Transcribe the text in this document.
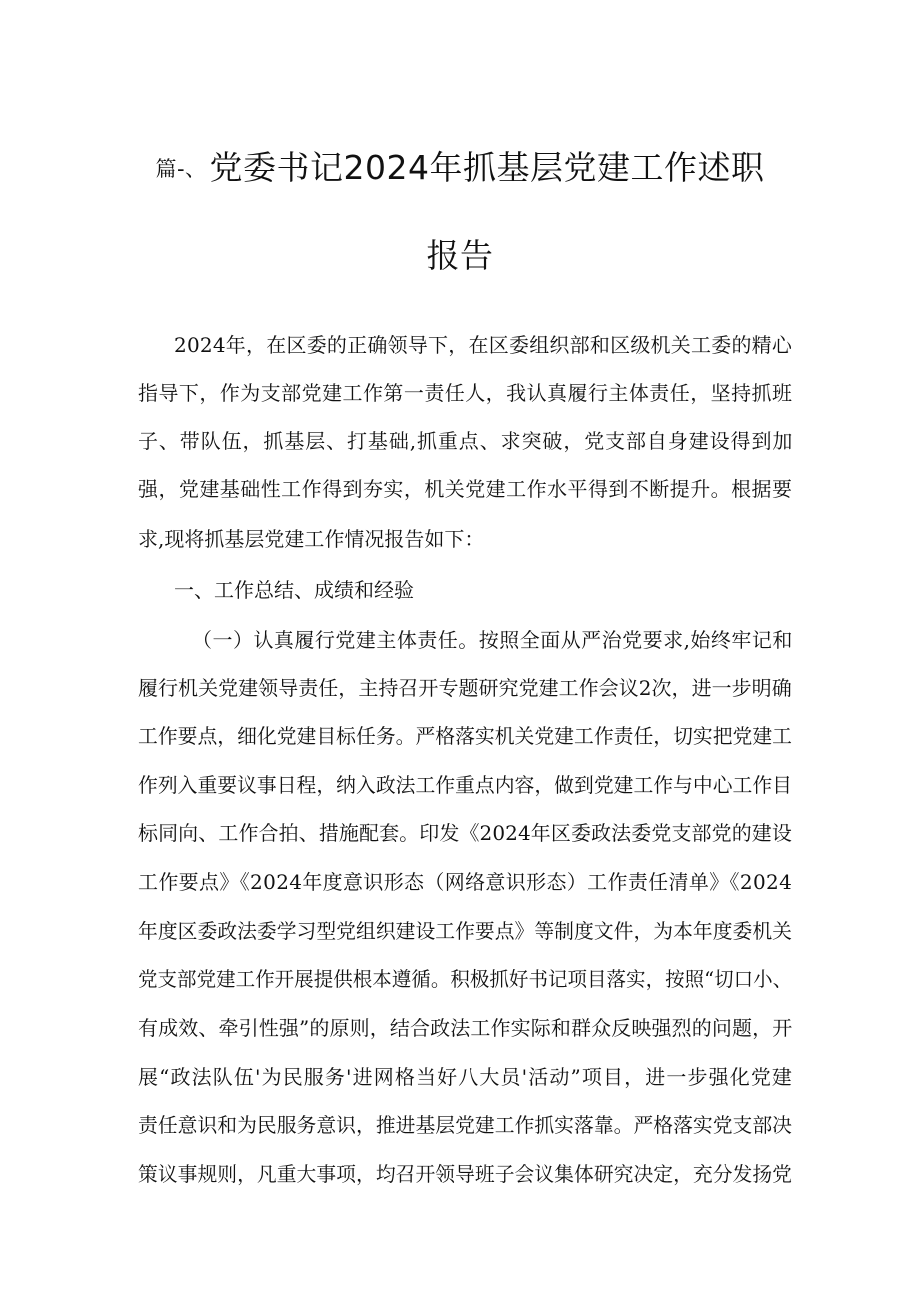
篇-、党委书记2024年抓基层党建工作述职
报告
2024年，在区委的正确领导下，在区委组织部和区级机关工委的精心
指导下，作为支部党建工作第一责任人，我认真履行主体责任，坚持抓班
子、带队伍，抓基层、打基础,抓重点、求突破，党支部自身建设得到加
强，党建基础性工作得到夯实，机关党建工作水平得到不断提升。根据要
求,现将抓基层党建工作情况报告如下：
一、工作总结、成绩和经验
（一）认真履行党建主体责任。按照全面从严治党要求,始终牢记和
履行机关党建领导责任，主持召开专题研究党建工作会议2次，进一步明确
工作要点，细化党建目标任务。严格落实机关党建工作责任，切实把党建工
作列入重要议事日程，纳入政法工作重点内容，做到党建工作与中心工作目
标同向、工作合拍、措施配套。印发《2024年区委政法委党支部党的建设
工作要点》《2024年度意识形态（网络意识形态）工作责任清单》《2024
年度区委政法委学习型党组织建设工作要点》等制度文件，为本年度委机关
党支部党建工作开展提供根本遵循。积极抓好书记项目落实，按照“切口小、
有成效、牵引性强”的原则，结合政法工作实际和群众反映强烈的问题，开
展“政法队伍'为民服务'进网格当好八大员'活动”项目，进一步强化党建
责任意识和为民服务意识，推进基层党建工作抓实落靠。严格落实党支部决
策议事规则，凡重大事项，均召开领导班子会议集体研究决定，充分发扬党
